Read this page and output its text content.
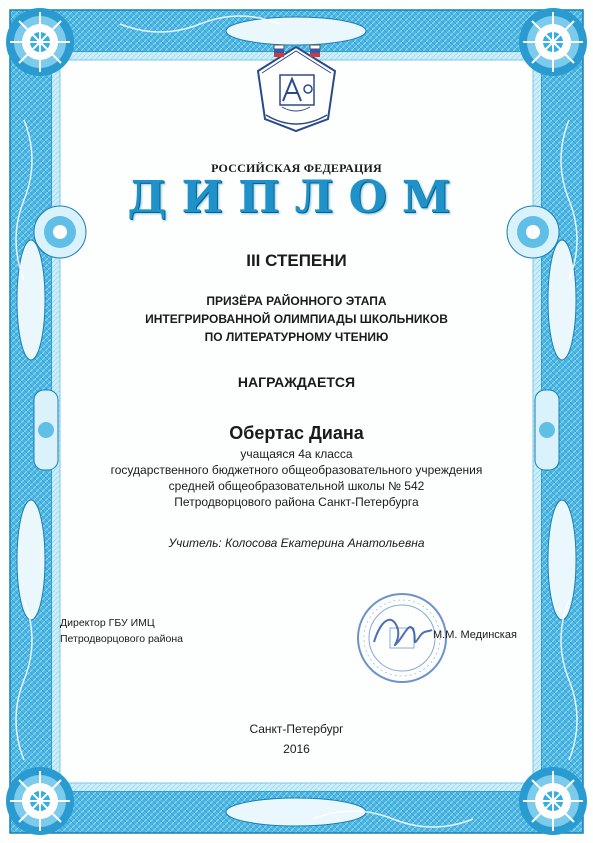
РОССИЙСКАЯ ФЕДЕРАЦИЯ
ДИПЛОМ
III СТЕПЕНИ
ПРИЗЁРА РАЙОННОГО ЭТАПА
ИНТЕГРИРОВАННОЙ ОЛИМПИАДЫ ШКОЛЬНИКОВ
ПО ЛИТЕРАТУРНОМУ ЧТЕНИЮ
НАГРАЖДАЕТСЯ
Обертас Диана
учащаяся 4а класса
государственного бюджетного общеобразовательного учреждения
средней общеобразовательной школы № 542
Петродворцового района Санкт-Петербурга
Учитель: Колосова Екатерина Анатольевна
Директор ГБУ ИМЦ
Петродворцового района	М.М. Мединская
Санкт-Петербург
2016
